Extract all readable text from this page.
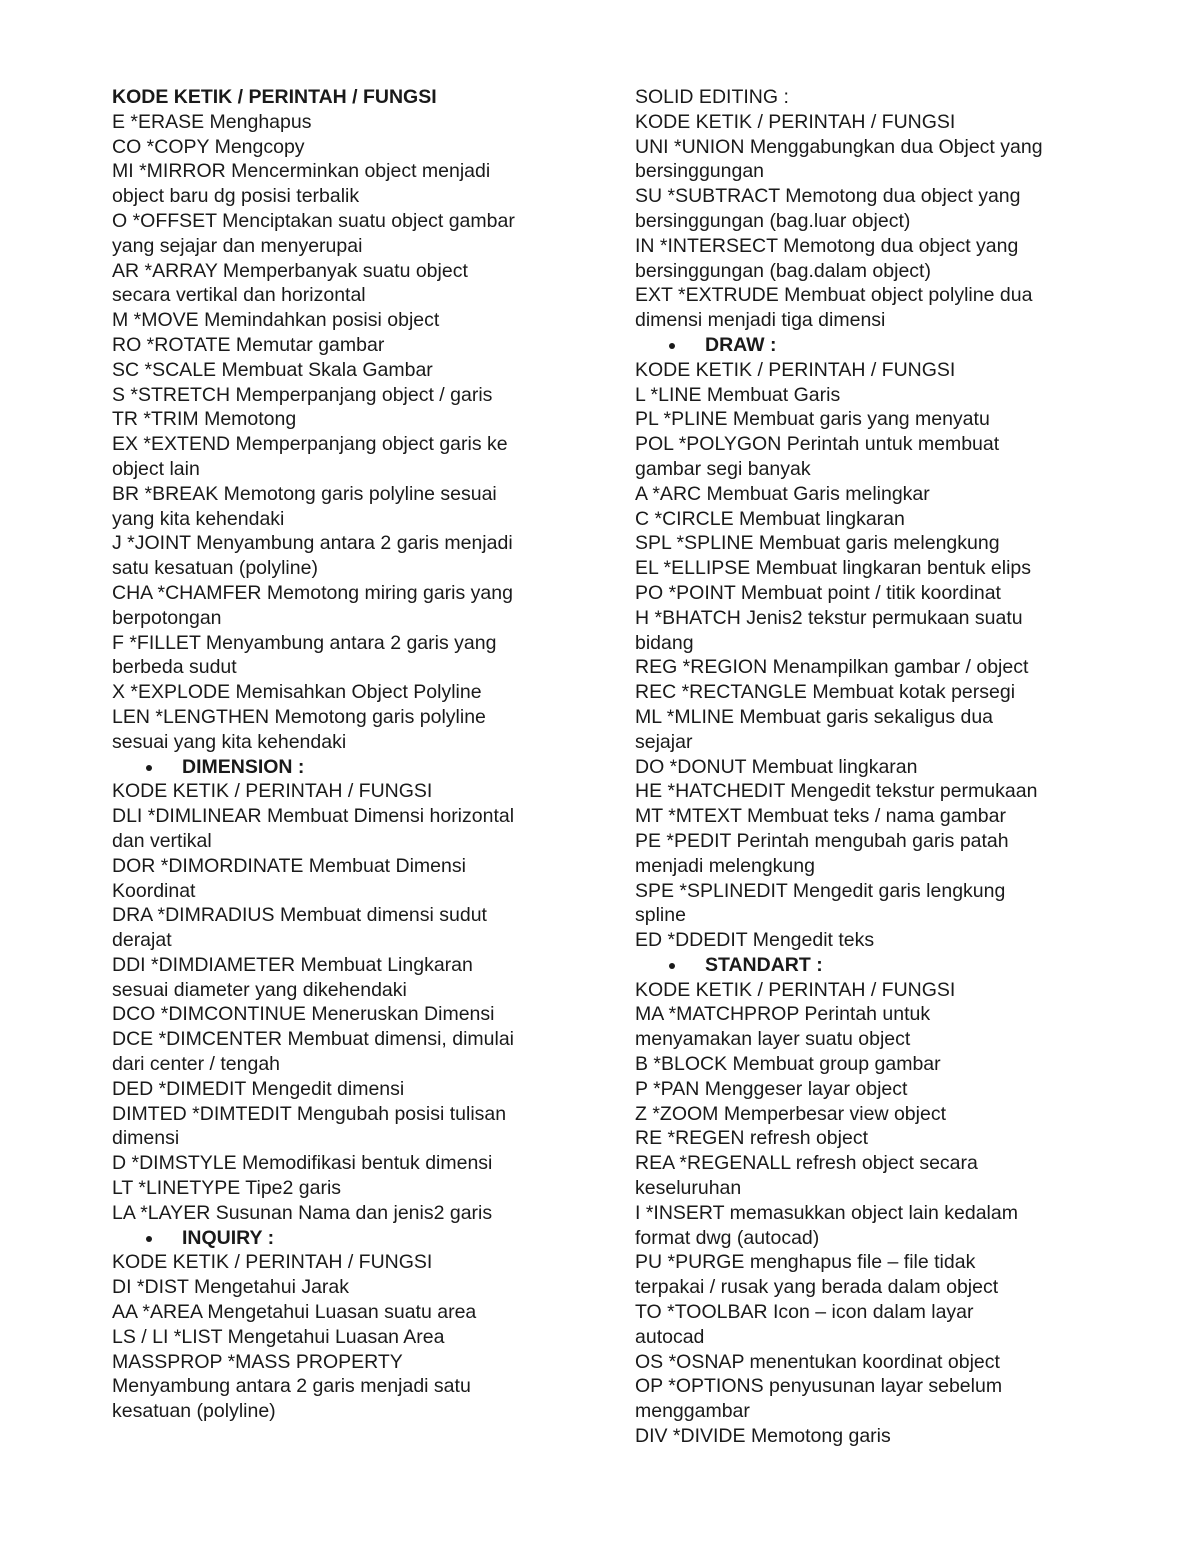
KODE KETIK / PERINTAH / FUNGSI
E *ERASE Menghapus
CO *COPY Mengcopy
MI *MIRROR Mencerminkan object menjadi
object baru dg posisi terbalik
O *OFFSET Menciptakan suatu object gambar
yang sejajar dan menyerupai
AR *ARRAY Memperbanyak suatu object
secara vertikal dan horizontal
M *MOVE Memindahkan posisi object
RO *ROTATE Memutar gambar
SC *SCALE Membuat Skala Gambar
S *STRETCH Memperpanjang object / garis
TR *TRIM Memotong
EX *EXTEND Memperpanjang object garis ke
object lain
BR *BREAK Memotong garis polyline sesuai
yang kita kehendaki
J *JOINT Menyambung antara 2 garis menjadi
satu kesatuan (polyline)
CHA *CHAMFER Memotong miring garis yang
berpotongan
F *FILLET Menyambung antara 2 garis yang
berbeda sudut
X *EXPLODE Memisahkan Object Polyline
LEN *LENGTHEN Memotong garis polyline
sesuai yang kita kehendaki
DIMENSION :
KODE KETIK / PERINTAH / FUNGSI
DLI *DIMLINEAR Membuat Dimensi horizontal
dan vertikal
DOR *DIMORDINATE Membuat Dimensi
Koordinat
DRA *DIMRADIUS Membuat dimensi sudut
derajat
DDI *DIMDIAMETER Membuat Lingkaran
sesuai diameter yang dikehendaki
DCO *DIMCONTINUE Meneruskan Dimensi
DCE *DIMCENTER Membuat dimensi, dimulai
dari center / tengah
DED *DIMEDIT Mengedit dimensi
DIMTED *DIMTEDIT Mengubah posisi tulisan
dimensi
D *DIMSTYLE Memodifikasi bentuk dimensi
LT *LINETYPE Tipe2 garis
LA *LAYER Susunan Nama dan jenis2 garis
INQUIRY :
KODE KETIK / PERINTAH / FUNGSI
DI *DIST Mengetahui Jarak
AA *AREA Mengetahui Luasan suatu area
LS / LI *LIST Mengetahui Luasan Area
MASSPROP *MASS PROPERTY
Menyambung antara 2 garis menjadi satu
kesatuan (polyline)
SOLID EDITING :
KODE KETIK / PERINTAH / FUNGSI
UNI *UNION Menggabungkan dua Object yang
bersinggungan
SU *SUBTRACT Memotong dua object yang
bersinggungan (bag.luar object)
IN *INTERSECT Memotong dua object yang
bersinggungan (bag.dalam object)
EXT *EXTRUDE Membuat object polyline dua
dimensi menjadi tiga dimensi
DRAW :
KODE KETIK / PERINTAH / FUNGSI
L *LINE Membuat Garis
PL *PLINE Membuat garis yang menyatu
POL *POLYGON Perintah untuk membuat
gambar segi banyak
A *ARC Membuat Garis melingkar
C *CIRCLE Membuat lingkaran
SPL *SPLINE Membuat garis melengkung
EL *ELLIPSE Membuat lingkaran bentuk elips
PO *POINT Membuat point / titik koordinat
H *BHATCH Jenis2 tekstur permukaan suatu
bidang
REG *REGION Menampilkan gambar / object
REC *RECTANGLE Membuat kotak persegi
ML *MLINE Membuat garis sekaligus dua
sejajar
DO *DONUT Membuat lingkaran
HE *HATCHEDIT Mengedit tekstur permukaan
MT *MTEXT Membuat teks / nama gambar
PE *PEDIT Perintah mengubah garis patah
menjadi melengkung
SPE *SPLINEDIT Mengedit garis lengkung
spline
ED *DDEDIT Mengedit teks
STANDART :
KODE KETIK / PERINTAH / FUNGSI
MA *MATCHPROP Perintah untuk
menyamakan layer suatu object
B *BLOCK Membuat group gambar
P *PAN Menggeser layar object
Z *ZOOM Memperbesar view object
RE *REGEN refresh object
REA *REGENALL refresh object secara
keseluruhan
I *INSERT memasukkan object lain kedalam
format dwg (autocad)
PU *PURGE menghapus file – file tidak
terpakai / rusak yang berada dalam object
TO *TOOLBAR Icon – icon dalam layar
autocad
OS *OSNAP menentukan koordinat object
OP *OPTIONS penyusunan layar sebelum
menggambar
DIV *DIVIDE Memotong garis
